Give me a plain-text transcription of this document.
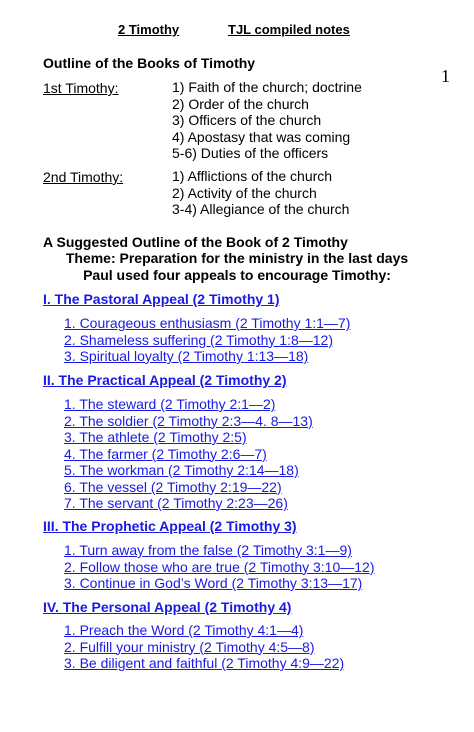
2 Timothy	TJL compiled notes
1
Outline of the Books of Timothy
1st Timothy:	1) Faith of the church; doctrine
2) Order of the church
3) Officers of the church
4) Apostasy that was coming
5-6) Duties of the officers
2nd Timothy:	1) Afflictions of the church
2) Activity of the church
3-4) Allegiance of the church
A Suggested Outline of the Book of 2 Timothy
Theme: Preparation for the ministry in the last days
Paul used four appeals to encourage Timothy:
I. The Pastoral Appeal (2 Timothy 1)
1. Courageous enthusiasm (2 Timothy 1:1—7)
2. Shameless suffering (2 Timothy 1:8—12)
3. Spiritual loyalty (2 Timothy 1:13—18)
II. The Practical Appeal (2 Timothy 2)
1. The steward (2 Timothy 2:1—2)
2. The soldier (2 Timothy 2:3—4. 8—13)
3. The athlete (2 Timothy 2:5)
4. The farmer (2 Timothy 2:6—7)
5. The workman (2 Timothy 2:14—18)
6. The vessel (2 Timothy 2:19—22)
7. The servant (2 Timothy 2:23—26)
III. The Prophetic Appeal (2 Timothy 3)
1. Turn away from the false (2 Timothy 3:1—9)
2. Follow those who are true (2 Timothy 3:10—12)
3. Continue in God’s Word (2 Timothy 3:13—17)
IV. The Personal Appeal (2 Timothy 4)
1. Preach the Word (2 Timothy 4:1—4)
2. Fulfill your ministry (2 Timothy 4:5—8)
3. Be diligent and faithful (2 Timothy 4:9—22)
